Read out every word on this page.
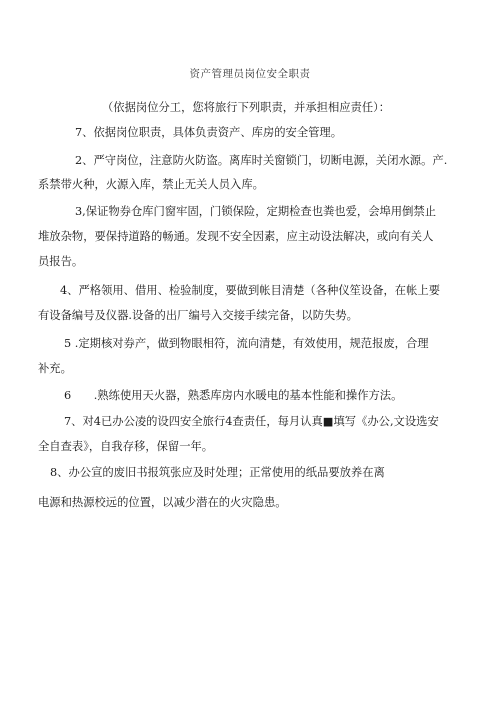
资产管理员岗位安全职责
（依据岗位分工，您将旅行下列职责，并承担相应责任）：
7、依据岗位职责，具体负责资产、库房的安全管理。
2、严守岗位，注意防火防盗。离库时关窗锁门，切断电源，关闭水源。产.
系禁带火种，火源入库，禁止无关人员入库。
3,保证物券仓库门窗牢固，门锁保险，定期检查也粪也爱，会埠用倒禁止
堆放杂物，要保持道路的畅通。发现不安全因素，应主动设法解决，或向有关人
员报告。
4、严格领用、借用、检验制度，要做到帐目清楚（各种仪笙设备，在帐上要
有设备编号及仪器.设备的出厂编号入交接手续完备，以防失势。
5 .定期核对券产，做到物眼相符，流向清楚，有效使用，规范报废，合理
补充。
6　　.熟练使用天火器，熟悉库房内水暖电的基本性能和操作方法。
7、对4已办公凌的设四安全旅行4查责任，每月认真■填写《办公,文设选安
全自查表》，自我存移，保留一年。
8、办公宣的废旧书报筑张应及时处理；正常使用的纸品要放养在离
电源和热源校远的位置，以减少潜在的火灾隐患。
